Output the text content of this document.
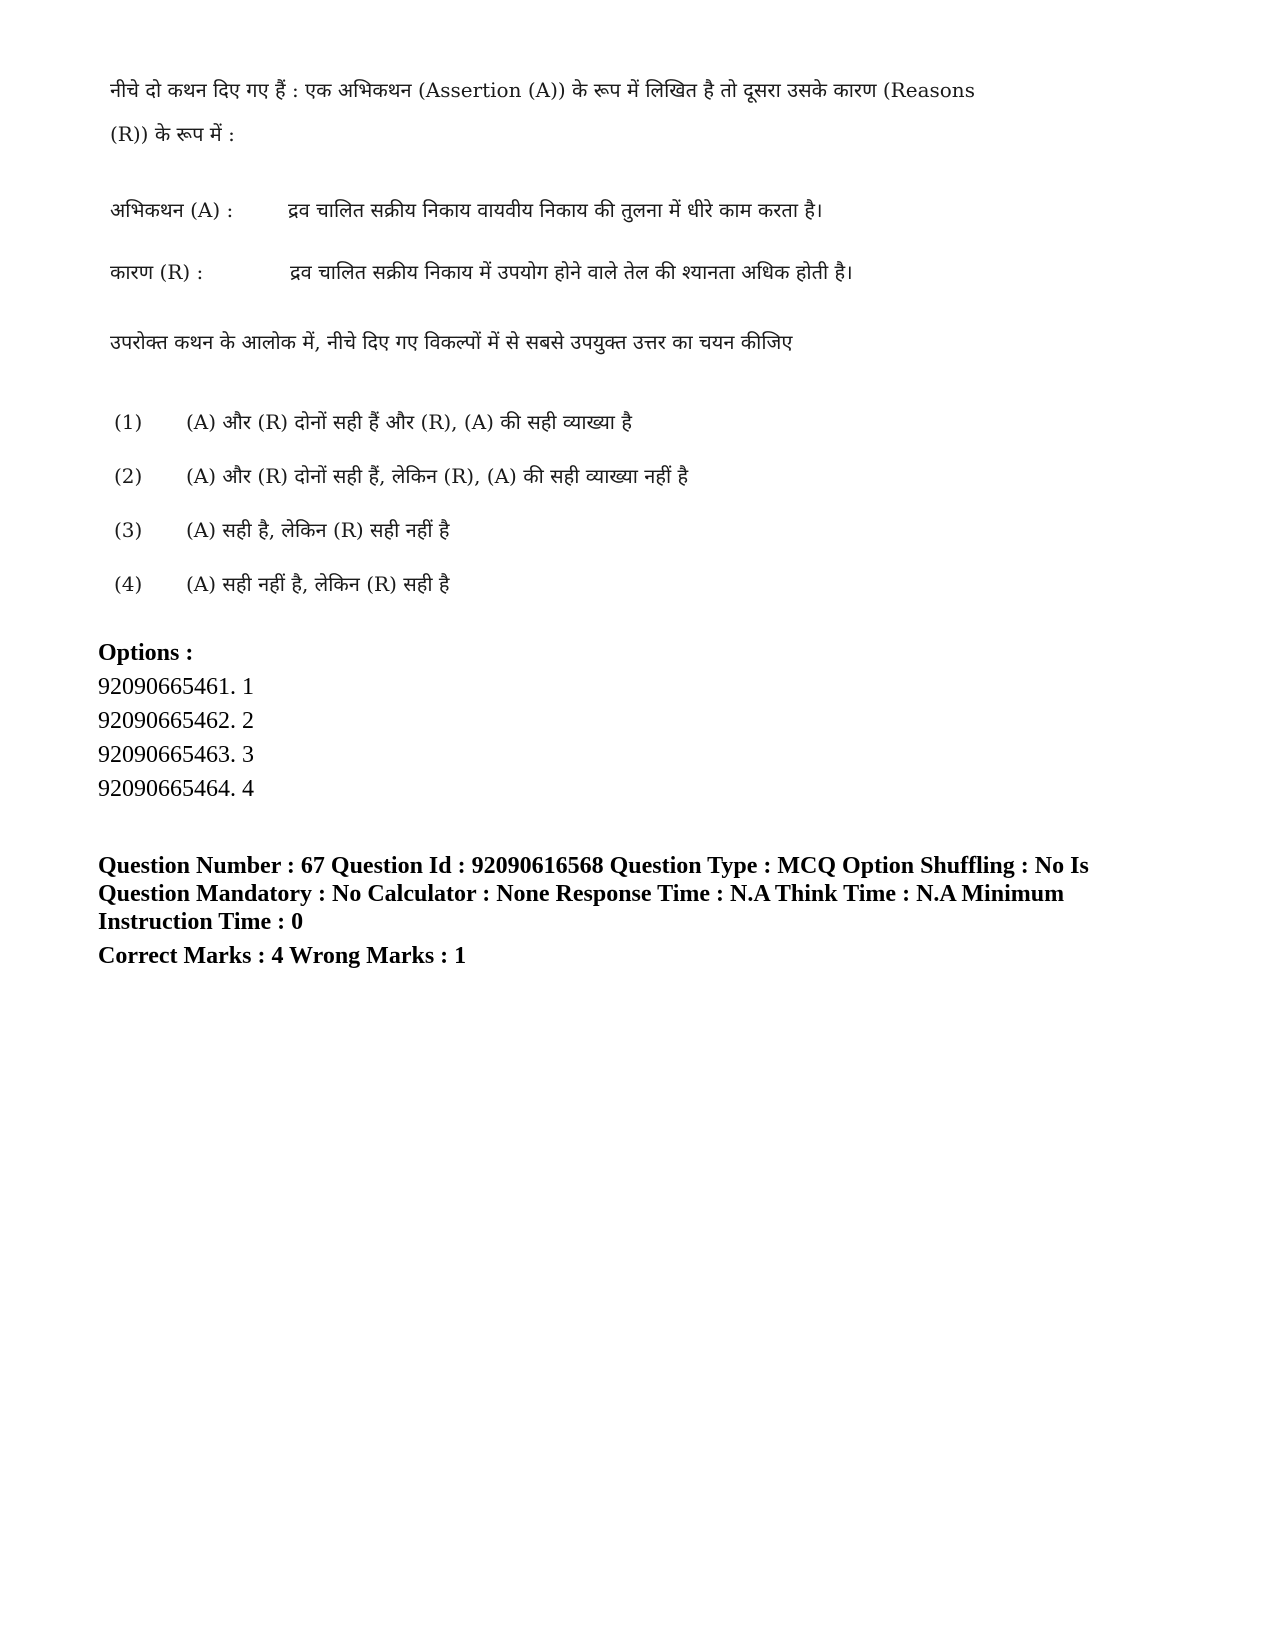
नीचे दो कथन दिए गए हैं : एक अभिकथन (Assertion (A)) के रूप में लिखित है तो दूसरा उसके कारण (Reasons
(R)) के रूप में :
अभिकथन (A) :	द्रव चालित सक्रीय निकाय वायवीय निकाय की तुलना में धीरे काम करता है।
कारण (R) :	द्रव चालित सक्रीय निकाय में उपयोग होने वाले तेल की श्यानता अधिक होती है।
उपरोक्त कथन के आलोक में, नीचे दिए गए विकल्पों में से सबसे उपयुक्त उत्तर का चयन कीजिए
(1) (A) और (R) दोनों सही हैं और (R), (A) की सही व्याख्या है
(2) (A) और (R) दोनों सही हैं, लेकिन (R), (A) की सही व्याख्या नहीं है
(3) (A) सही है, लेकिन (R) सही नहीं है
(4) (A) सही नहीं है, लेकिन (R) सही है
Options :
92090665461. 1
92090665462. 2
92090665463. 3
92090665464. 4
Question Number : 67 Question Id : 92090616568 Question Type : MCQ Option Shuffling : No Is
Question Mandatory : No Calculator : None Response Time : N.A Think Time : N.A Minimum
Instruction Time : 0
Correct Marks : 4 Wrong Marks : 1
